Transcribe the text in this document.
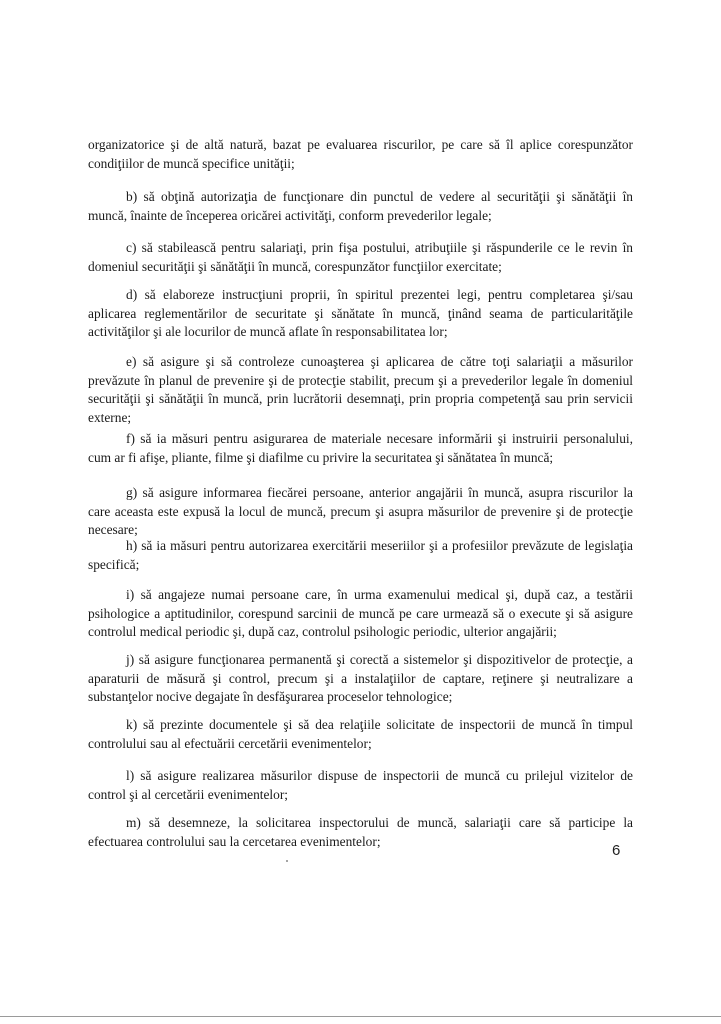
organizatorice şi de altă natură, bazat pe evaluarea riscurilor, pe care să îl aplice corespunzător condiţiilor de muncă specifice unităţii;

b) să obţină autorizaţia de funcţionare din punctul de vedere al securităţii şi sănătăţii în muncă, înainte de începerea oricărei activităţi, conform prevederilor legale;

c) să stabilească pentru salariaţi, prin fişa postului, atribuţiile şi răspunderile ce le revin în domeniul securităţii şi sănătăţii în muncă, corespunzător funcţiilor exercitate;

d) să elaboreze instrucţiuni proprii, în spiritul prezentei legi, pentru completarea şi/sau aplicarea reglementărilor de securitate şi sănătate în muncă, ţinând seama de particularităţile activităţilor şi ale locurilor de muncă aflate în responsabilitatea lor;

e) să asigure şi să controleze cunoaşterea şi aplicarea de către toţi salariaţii a măsurilor prevăzute în planul de prevenire şi de protecţie stabilit, precum şi a prevederilor legale în domeniul securităţii şi sănătăţii în muncă, prin lucrătorii desemnaţi, prin propria competenţă sau prin servicii externe;

f) să ia măsuri pentru asigurarea de materiale necesare informării şi instruirii personalului, cum ar fi afişe, pliante, filme şi diafilme cu privire la securitatea şi sănătatea în muncă;

g) să asigure informarea fiecărei persoane, anterior angajării în muncă, asupra riscurilor la care aceasta este expusă la locul de muncă, precum şi asupra măsurilor de prevenire şi de protecţie necesare;

h) să ia măsuri pentru autorizarea exercitării meseriilor şi a profesiilor prevăzute de legislaţia specifică;

i) să angajeze numai persoane care, în urma examenului medical şi, după caz, a testării psihologice a aptitudinilor, corespund sarcinii de muncă pe care urmează să o execute şi să asigure controlul medical periodic şi, după caz, controlul psihologic periodic, ulterior angajării;

j) să asigure funcţionarea permanentă şi corectă a sistemelor şi dispozitivelor de protecţie, a aparaturii de măsură şi control, precum şi a instalaţiilor de captare, reţinere şi neutralizare a substanţelor nocive degajate în desfăşurarea proceselor tehnologice;

k) să prezinte documentele şi să dea relaţiile solicitate de inspectorii de muncă în timpul controlului sau al efectuării cercetării evenimentelor;

l) să asigure realizarea măsurilor dispuse de inspectorii de muncă cu prilejul vizitelor de control şi al cercetării evenimentelor;

m) să desemneze, la solicitarea inspectorului de muncă, salariaţii care să participe la efectuarea controlului sau la cercetarea evenimentelor;

6
